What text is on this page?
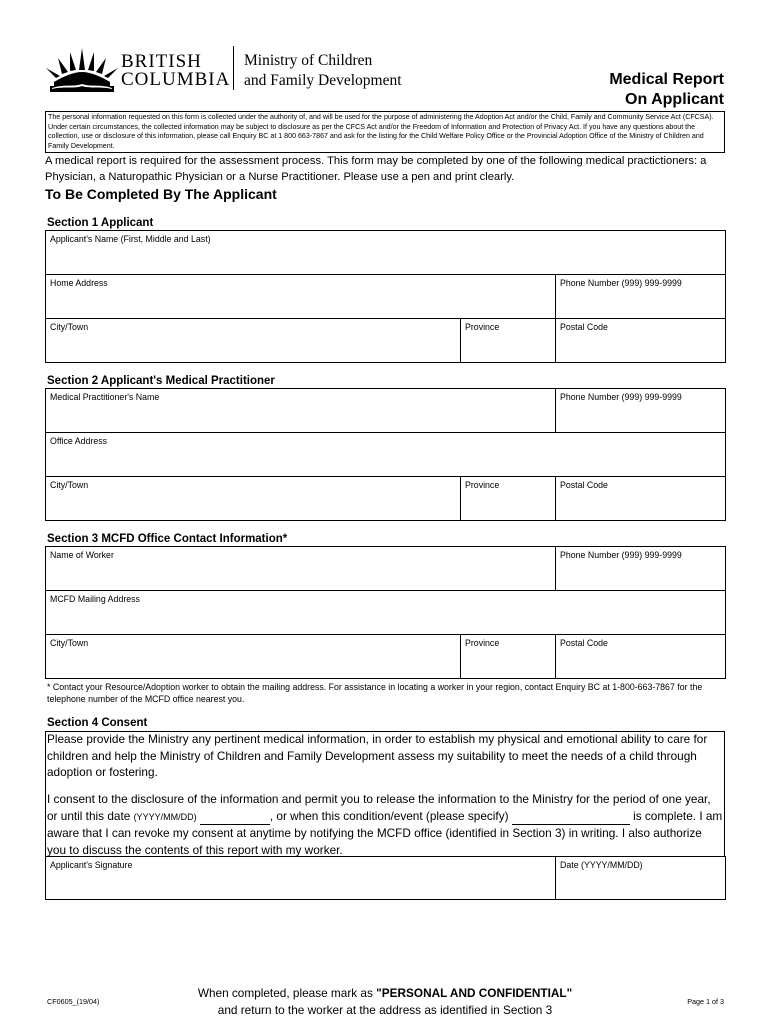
BRITISH
COLUMBIA
Ministry of Children
and Family Development	Medical Report
On Applicant
The personal information requested on this form is collected under the authority of, and will be used for the purpose of administering the Adoption Act and/or the Child, Family and Community Service Act (CFCSA). Under certain circumstances, the collected information may be subject to disclosure as per the CFCS Act and/or the Freedom of Information and Protection of Privacy Act. If you have any questions about the collection, use or disclosure of this information, please call Enquiry BC at 1 800 663-7867 and ask for the listing for the Child Welfare Policy Office or the Provincial Adoption Office of the Ministry of Children and Family Development.
A medical report is required for the assessment process. This form may be completed by one of the following medical practictioners: a Physician, a Naturopathic Physician or a Nurse Practitioner. Please use a pen and print clearly.
To Be Completed By The Applicant
Section 1 Applicant
Applicant's Name (First, Middle and Last)		
Home Address		Phone Number (999) 999-9999
City/Town	Province	Postal Code
Section 2 Applicant's Medical Practitioner
Medical Practitioner's Name		Phone Number (999) 999-9999
Office Address		
City/Town	Province	Postal Code
Section 3 MCFD Office Contact Information*
Name of Worker		Phone Number (999) 999-9999
MCFD Mailing Address		
City/Town	Province	Postal Code
* Contact your Resource/Adoption worker to obtain the mailing address. For assistance in locating a worker in your region, contact Enquiry BC at 1-800-663-7867 for the telephone number of the MCFD office nearest you.
Section 4 Consent
Please provide the Ministry any pertinent medical information, in order to establish my physical and emotional ability to care for children and help the Ministry of Children and Family Development assess my suitability to meet the needs of a child through adoption or fostering.
I consent to the disclosure of the information and permit you to release the information to the Ministry for the period of one year, or until this date (YYYY/MM/DD)	, or when this condition/event (please specify)	is complete. I am aware that I can revoke my consent at anytime by notifying the MCFD office (identified in Section 3) in writing. I also authorize you to discuss the contents of this report with my worker.
Applicant's Signature	Date (YYYY/MM/DD)
CF0605_(19/04)
When completed, please mark as "PERSONAL AND CONFIDENTIAL"
and return to the worker at the address as identified in Section 3
Page 1 of 3
